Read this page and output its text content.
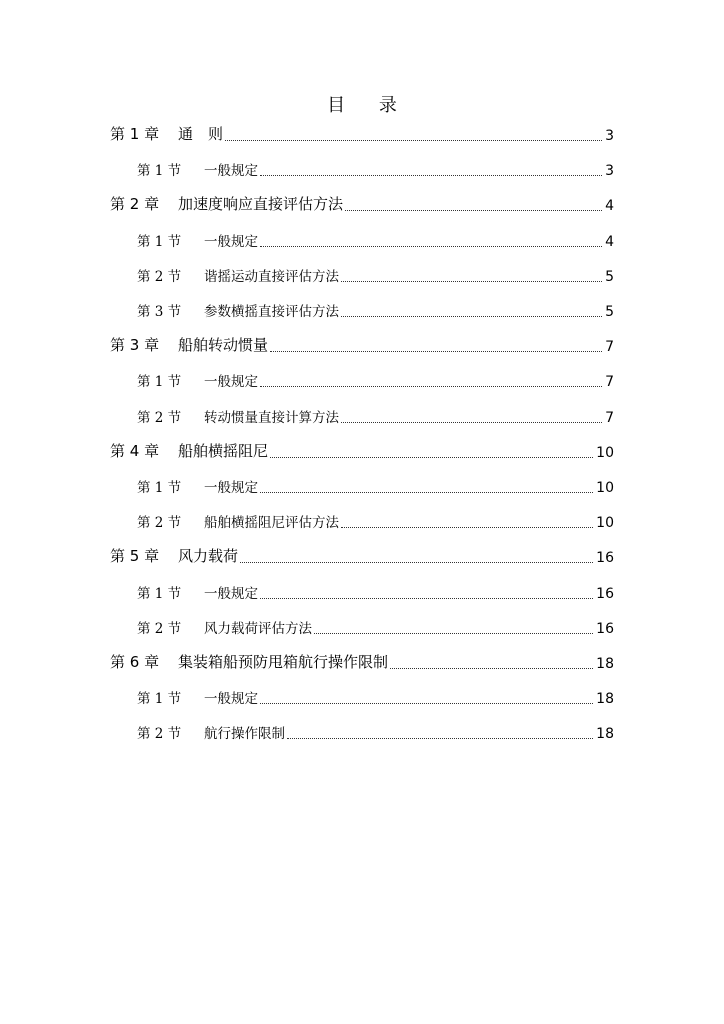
目 录
第 1 章	通　则	3
第 1 节	一般规定	3
第 2 章	加速度响应直接评估方法	4
第 1 节	一般规定	4
第 2 节	谐摇运动直接评估方法	5
第 3 节	参数横摇直接评估方法	5
第 3 章	船舶转动惯量	7
第 1 节	一般规定	7
第 2 节	转动惯量直接计算方法	7
第 4 章	船舶横摇阻尼	10
第 1 节	一般规定	10
第 2 节	船舶横摇阻尼评估方法	10
第 5 章	风力载荷	16
第 1 节	一般规定	16
第 2 节	风力载荷评估方法	16
第 6 章	集装箱船预防甩箱航行操作限制	18
第 1 节	一般规定	18
第 2 节	航行操作限制	18
